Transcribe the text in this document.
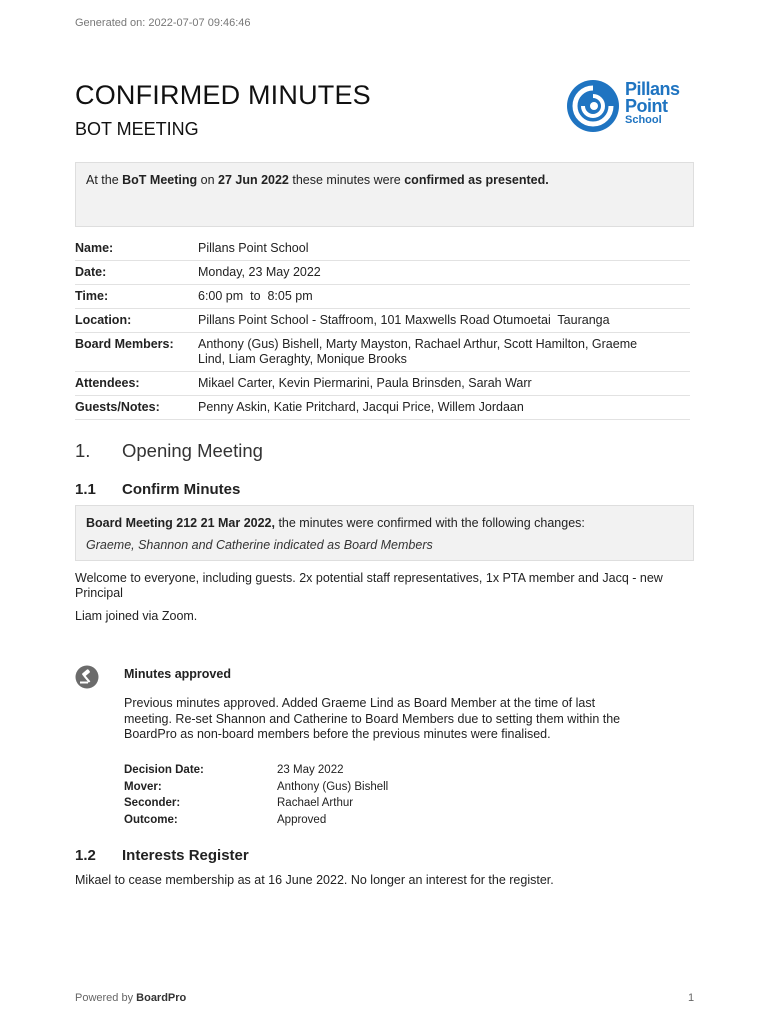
Generated on: 2022-07-07 09:46:46
CONFIRMED MINUTES
BOT MEETING
Pillans
Point
School
At the BoT Meeting on 27 Jun 2022 these minutes were confirmed as presented.
Name:	Pillans Point School
Date:	Monday, 23 May 2022
Time:	6:00 pm  to  8:05 pm
Location:	Pillans Point School - Staffroom, 101 Maxwells Road Otumoetai  Tauranga
Board Members:	Anthony (Gus) Bishell, Marty Mayston, Rachael Arthur, Scott Hamilton, Graeme Lind, Liam Geraghty, Monique Brooks
Attendees:	Mikael Carter, Kevin Piermarini, Paula Brinsden, Sarah Warr
Guests/Notes:	Penny Askin, Katie Pritchard, Jacqui Price, Willem Jordaan
1. Opening Meeting
1.1 Confirm Minutes
Board Meeting 212 21 Mar 2022, the minutes were confirmed with the following changes:
Graeme, Shannon and Catherine indicated as Board Members
Welcome to everyone, including guests. 2x potential staff representatives, 1x PTA member and Jacq - new Principal
Liam joined via Zoom.
Minutes approved
Previous minutes approved. Added Graeme Lind as Board Member at the time of last meeting. Re-set Shannon and Catherine to Board Members due to setting them within the BoardPro as non-board members before the previous minutes were finalised.
Decision Date:	23 May 2022
Mover:	Anthony (Gus) Bishell
Seconder:	Rachael Arthur
Outcome:	Approved
1.2 Interests Register
Mikael to cease membership as at 16 June 2022. No longer an interest for the register.
Powered by BoardPro	1
